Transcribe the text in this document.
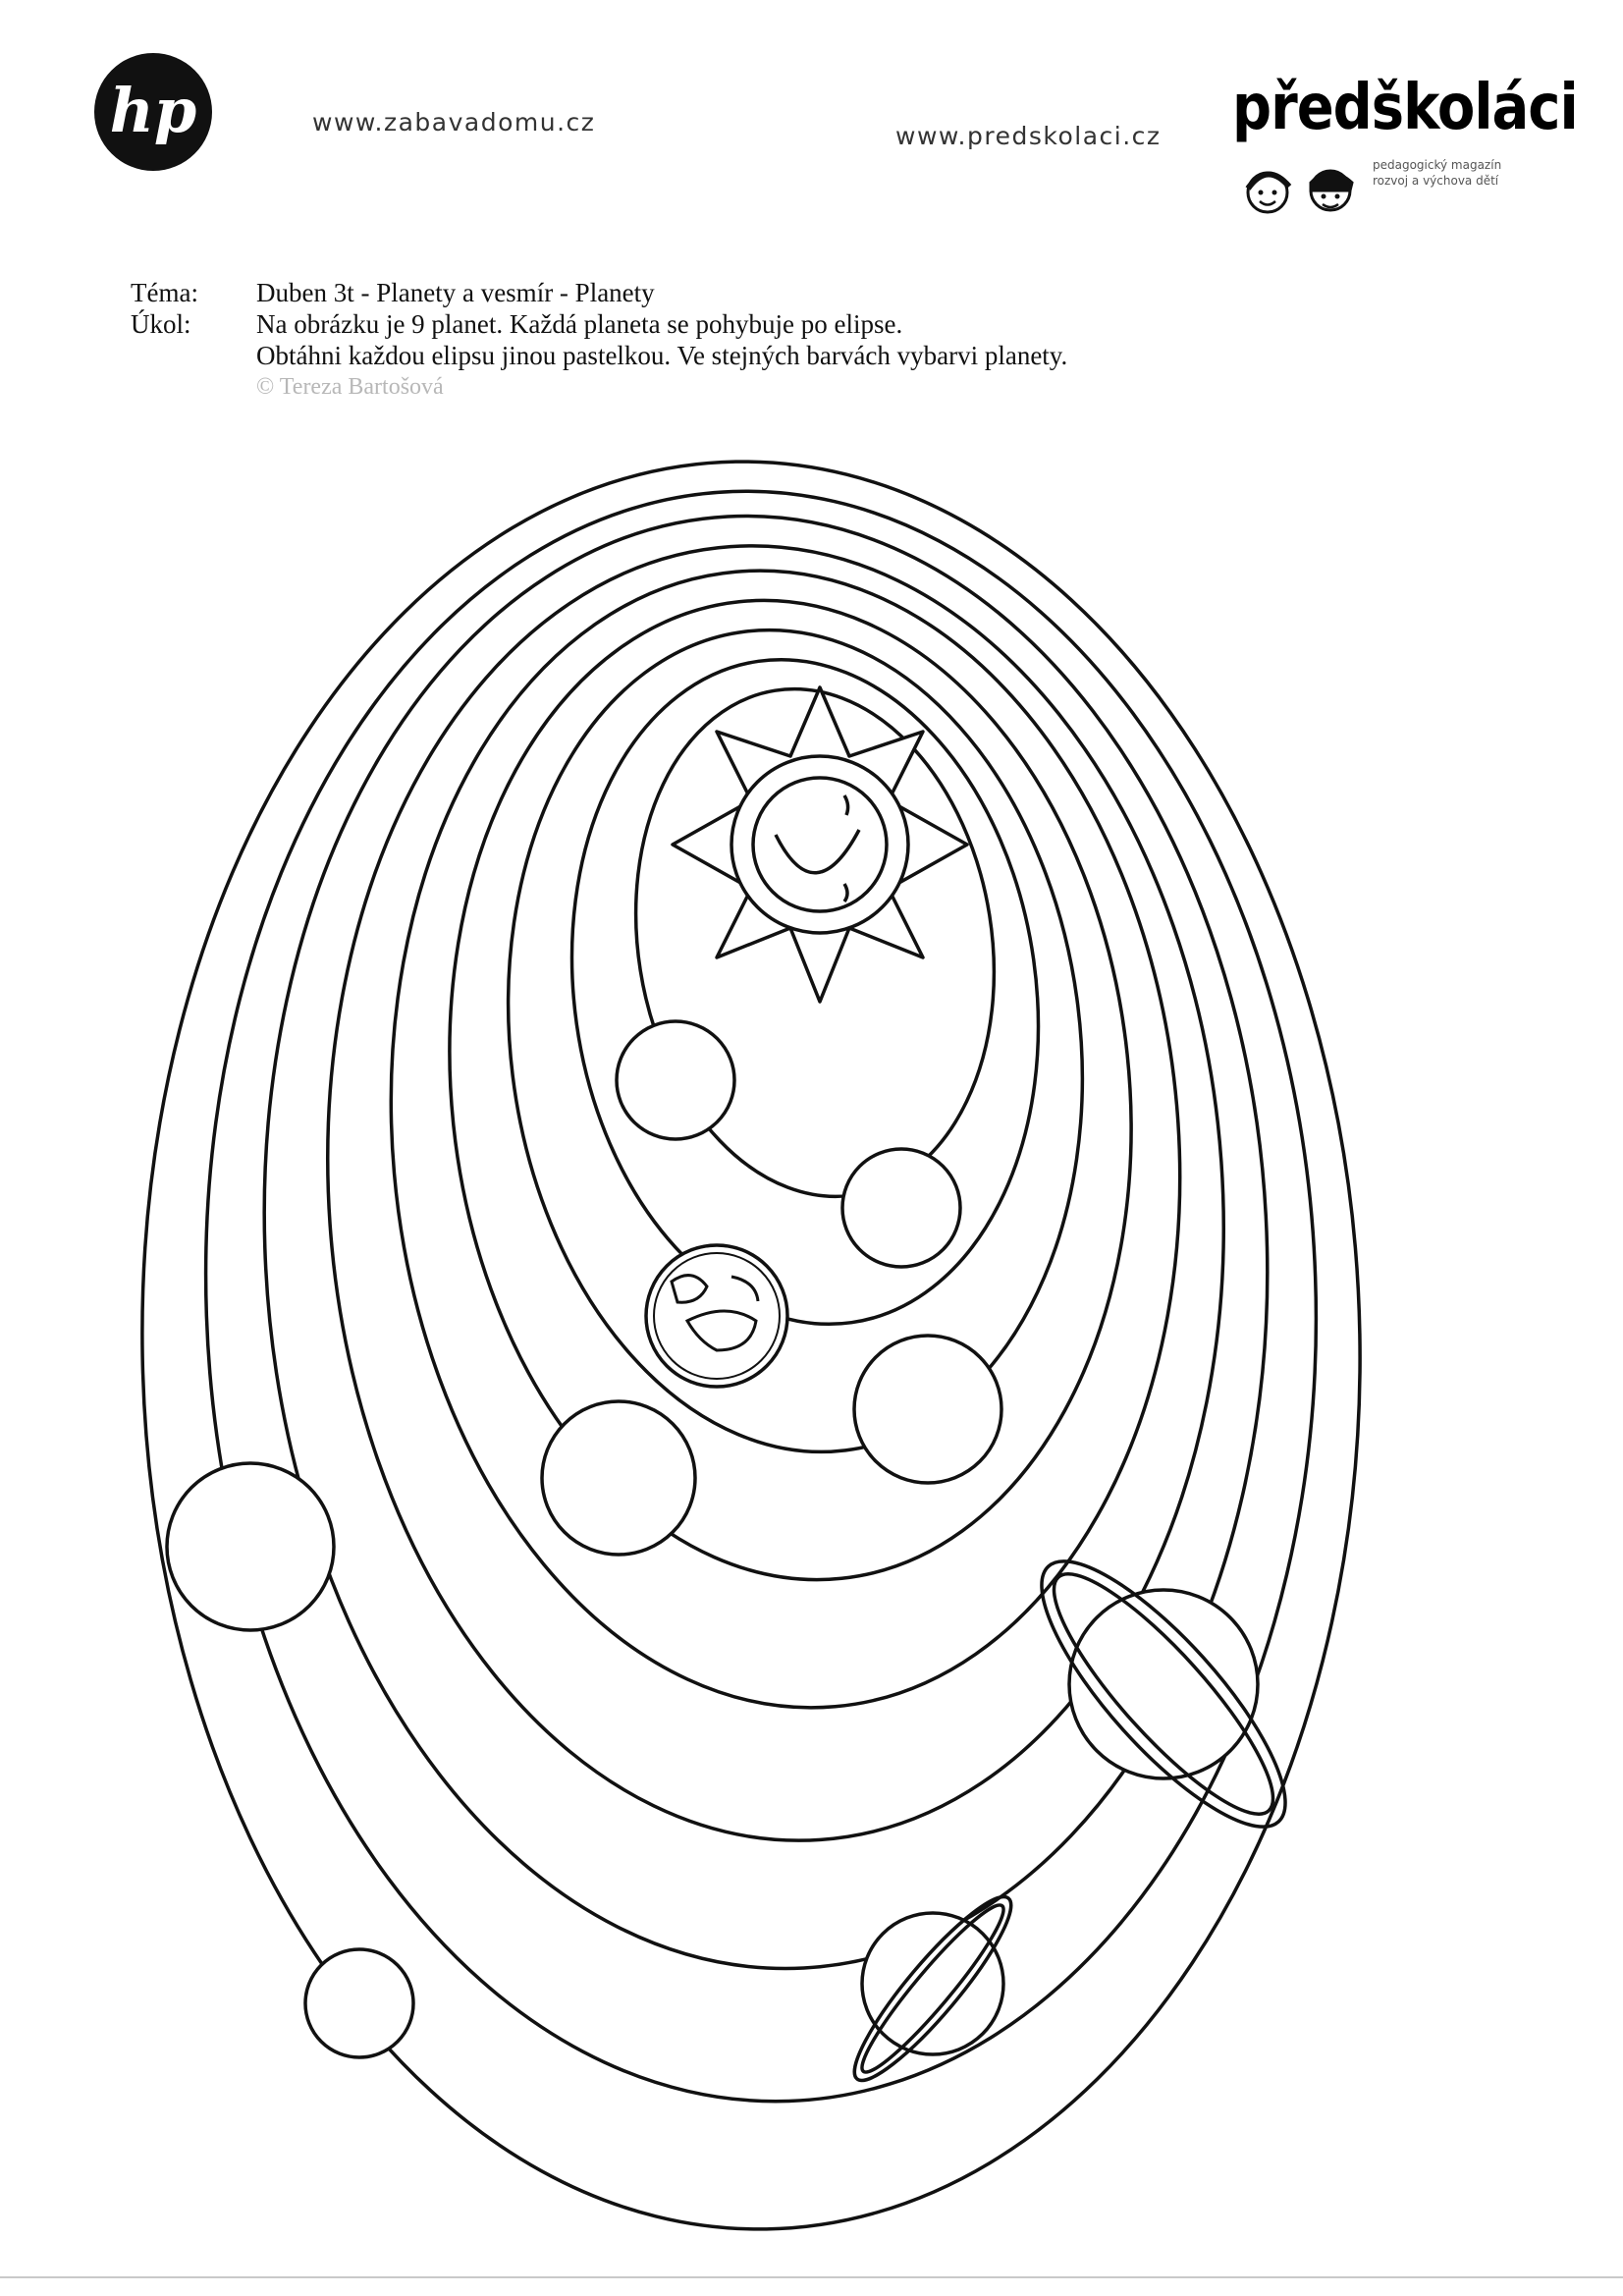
hp	www.zabavadomu.cz	www.predskolaci.cz předškoláci
pedagogický magazín
rozvoj a výchova dětí
Téma:	Duben 3t - Planety a vesmír - Planety
Úkol:	Na obrázku je 9 planet. Každá planeta se pohybuje po elipse.
Obtáhni každou elipsu jinou pastelkou. Ve stejných barvách vybarvi planety.
© Tereza Bartošová
